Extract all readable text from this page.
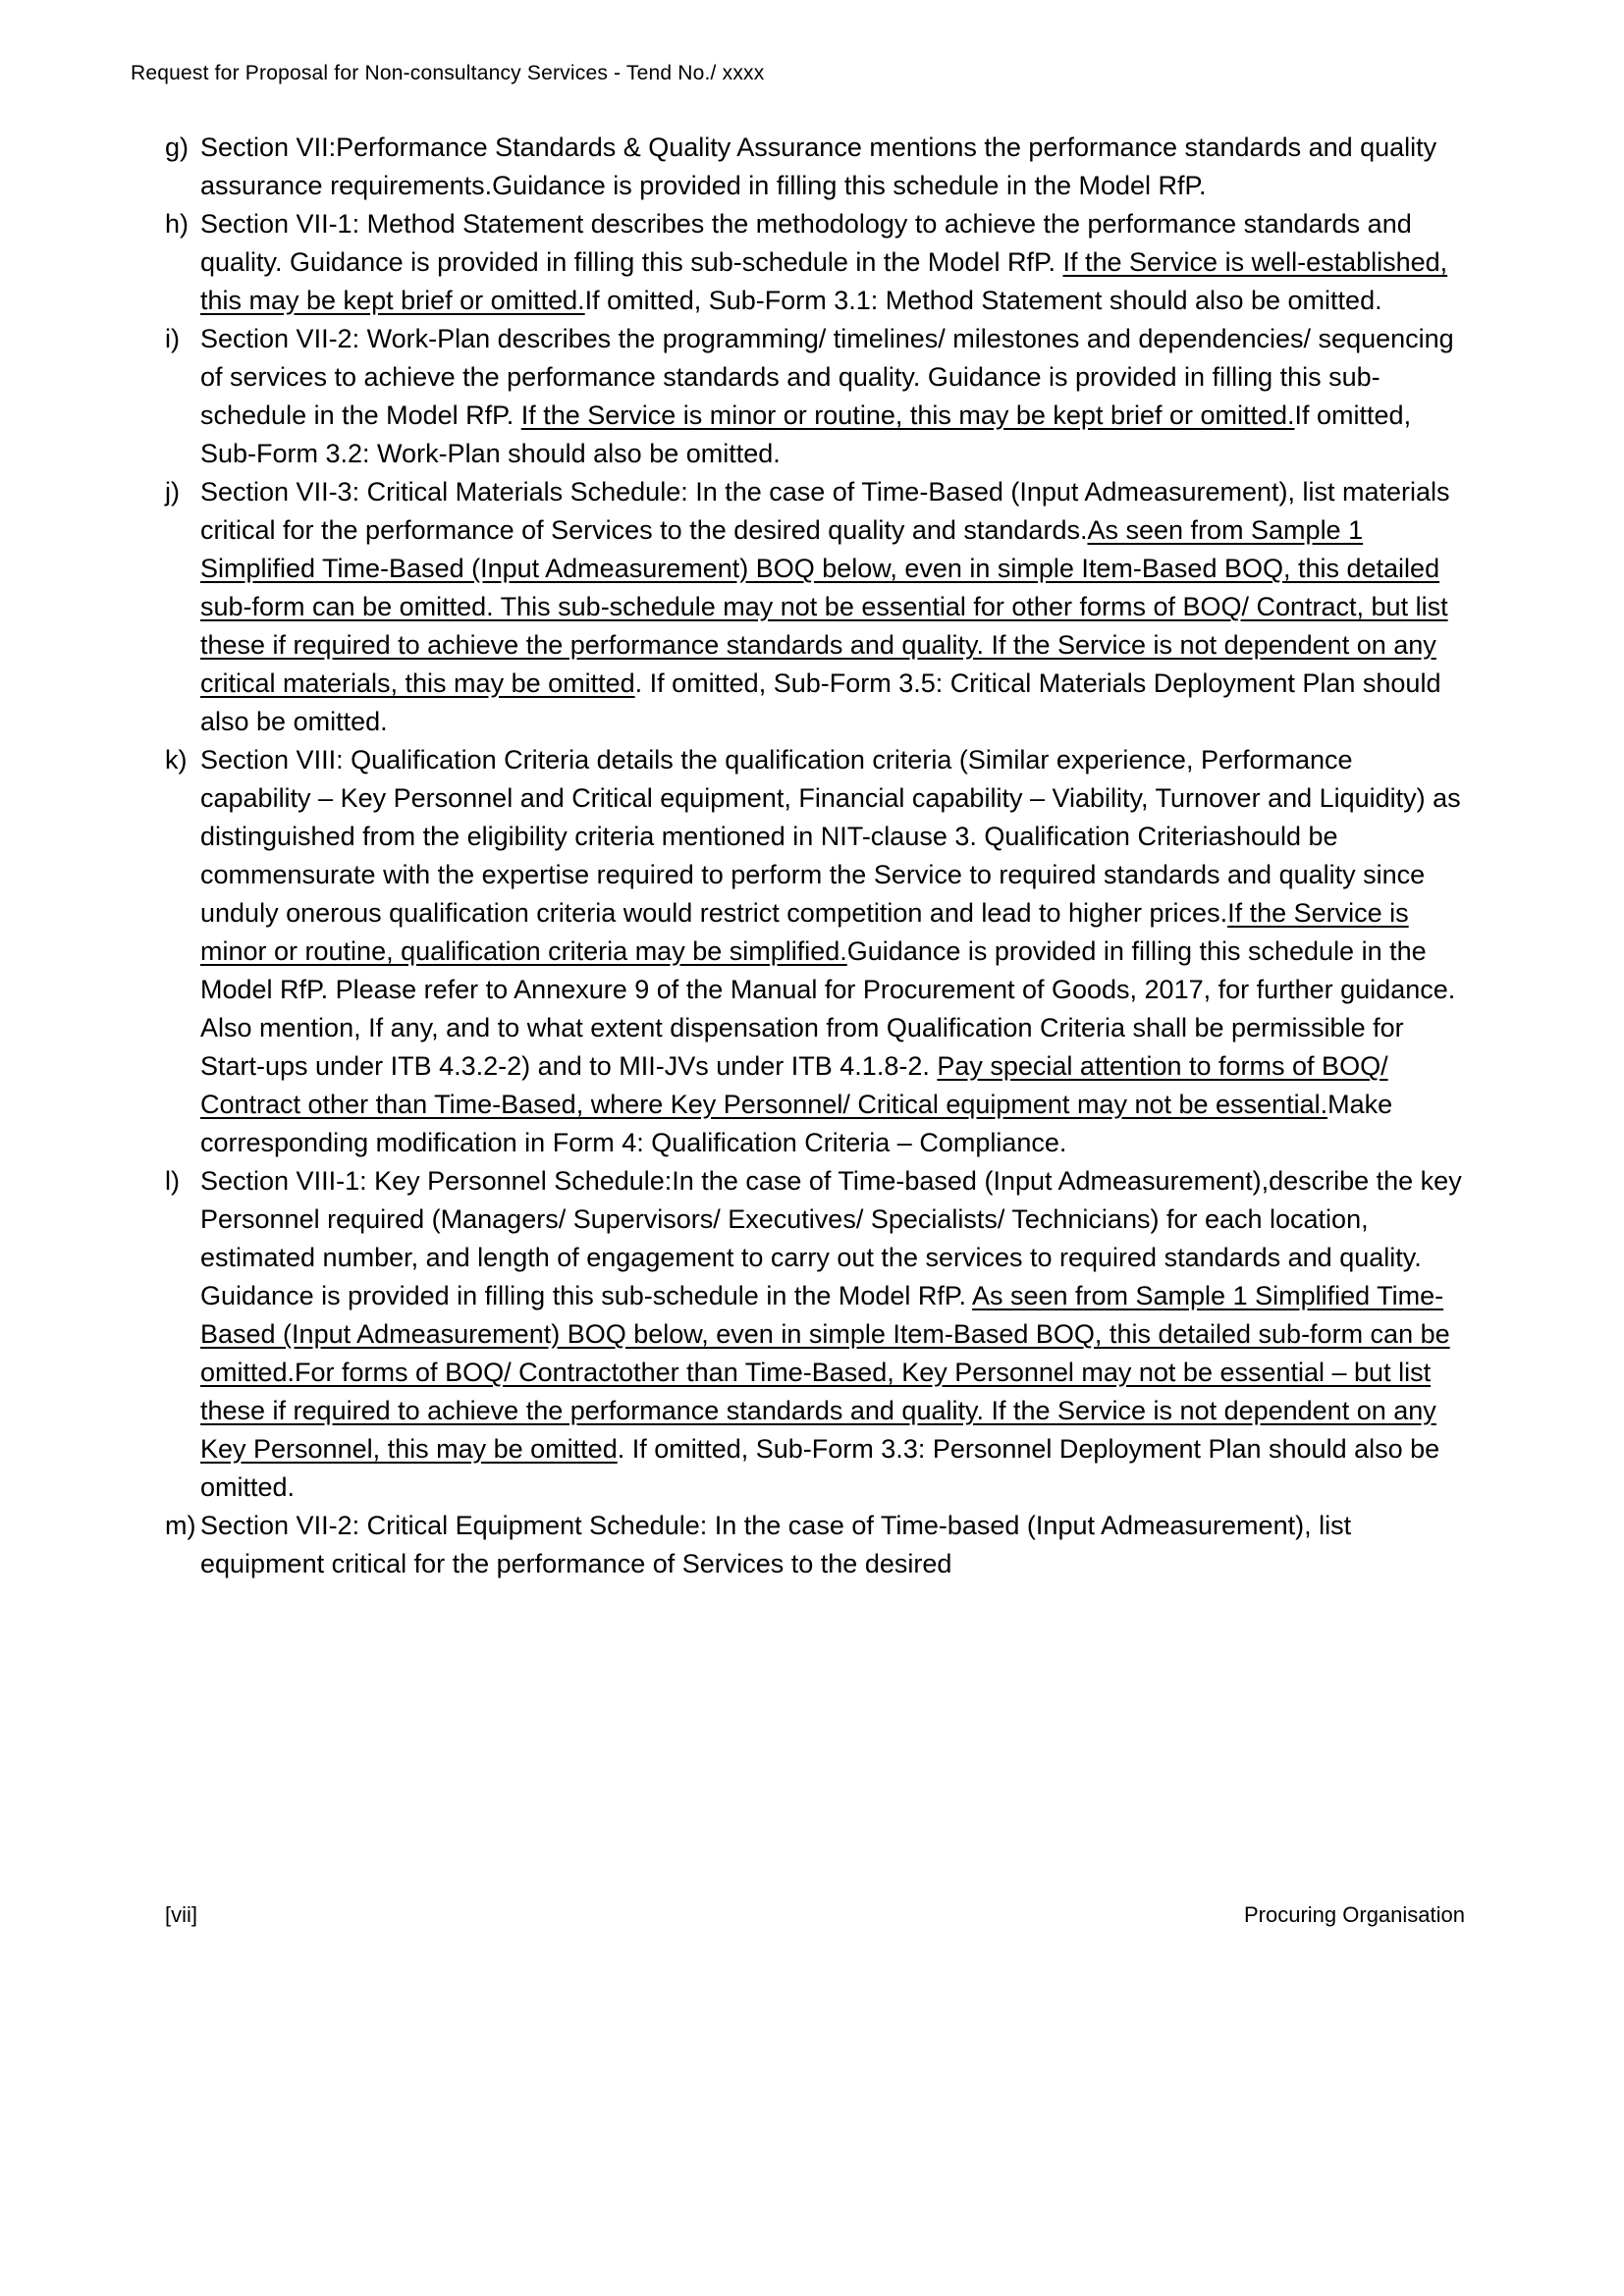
Request for Proposal for Non-consultancy Services - Tend No./ xxxx
g) Section VII:Performance Standards & Quality Assurance mentions the performance standards and quality assurance requirements.Guidance is provided in filling this schedule in the Model RfP.
h) Section VII-1: Method Statement describes the methodology to achieve the performance standards and quality. Guidance is provided in filling this sub-schedule in the Model RfP. If the Service is well-established, this may be kept brief or omitted.If omitted, Sub-Form 3.1: Method Statement should also be omitted.
i) Section VII-2: Work-Plan describes the programming/ timelines/ milestones and dependencies/ sequencing of services to achieve the performance standards and quality. Guidance is provided in filling this sub-schedule in the Model RfP. If the Service is minor or routine, this may be kept brief or omitted.If omitted, Sub-Form 3.2: Work-Plan should also be omitted.
j) Section VII-3: Critical Materials Schedule: In the case of Time-Based (Input Admeasurement), list materials critical for the performance of Services to the desired quality and standards.As seen from Sample 1 Simplified Time-Based (Input Admeasurement) BOQ below, even in simple Item-Based BOQ, this detailed sub-form can be omitted. This sub-schedule may not be essential for other forms of BOQ/ Contract, but list these if required to achieve the performance standards and quality. If the Service is not dependent on any critical materials, this may be omitted. If omitted, Sub-Form 3.5: Critical Materials Deployment Plan should also be omitted.
k) Section VIII: Qualification Criteria details the qualification criteria (Similar experience, Performance capability – Key Personnel and Critical equipment, Financial capability – Viability, Turnover and Liquidity) as distinguished from the eligibility criteria mentioned in NIT-clause 3. Qualification Criteriashould be commensurate with the expertise required to perform the Service to required standards and quality since unduly onerous qualification criteria would restrict competition and lead to higher prices.If the Service is minor or routine, qualification criteria may be simplified.Guidance is provided in filling this schedule in the Model RfP. Please refer to Annexure 9 of the Manual for Procurement of Goods, 2017, for further guidance. Also mention, If any, and to what extent dispensation from Qualification Criteria shall be permissible for Start-ups under ITB 4.3.2-2) and to MII-JVs under ITB 4.1.8-2. Pay special attention to forms of BOQ/ Contract other than Time-Based, where Key Personnel/ Critical equipment may not be essential.Make corresponding modification in Form 4: Qualification Criteria – Compliance.
l) Section VIII-1: Key Personnel Schedule:In the case of Time-based (Input Admeasurement),describe the key Personnel required (Managers/ Supervisors/ Executives/ Specialists/ Technicians) for each location, estimated number, and length of engagement to carry out the services to required standards and quality. Guidance is provided in filling this sub-schedule in the Model RfP. As seen from Sample 1 Simplified Time-Based (Input Admeasurement) BOQ below, even in simple Item-Based BOQ, this detailed sub-form can be omitted.For forms of BOQ/ Contractother than Time-Based, Key Personnel may not be essential – but list these if required to achieve the performance standards and quality. If the Service is not dependent on any Key Personnel, this may be omitted. If omitted, Sub-Form 3.3: Personnel Deployment Plan should also be omitted.
m) Section VII-2: Critical Equipment Schedule: In the case of Time-based (Input Admeasurement), list equipment critical for the performance of Services to the desired
[vii]	Procuring Organisation
